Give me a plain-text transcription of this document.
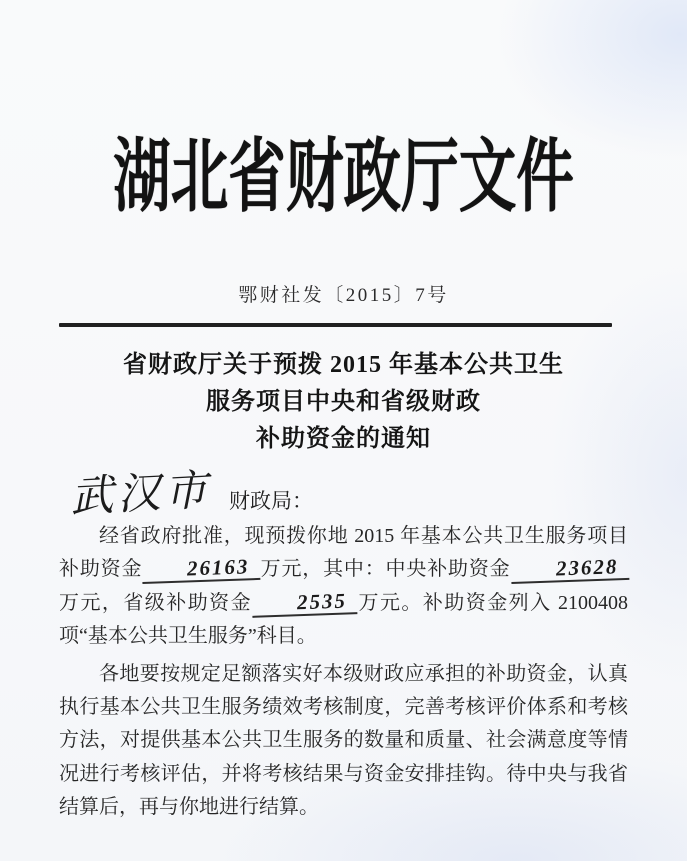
湖北省财政厅文件
鄂财社发〔2015〕7号
省财政厅关于预拨 2015 年基本公共卫生
服务项目中央和省级财政
补助资金的通知
武汉市 财政局：

经省政府批准，现预拨你地 2015 年基本公共卫生服务项目补助资金 26163 万元，其中：中央补助资金 23628万元，省级补助资金 2535 万元。补助资金列入 2100408 项“基本公共卫生服务”科目。

各地要按规定足额落实好本级财政应承担的补助资金，认真执行基本公共卫生服务绩效考核制度，完善考核评价体系和考核方法，对提供基本公共卫生服务的数量和质量、社会满意度等情况进行考核评估，并将考核结果与资金安排挂钩。待中央与我省结算后，再与你地进行结算。
